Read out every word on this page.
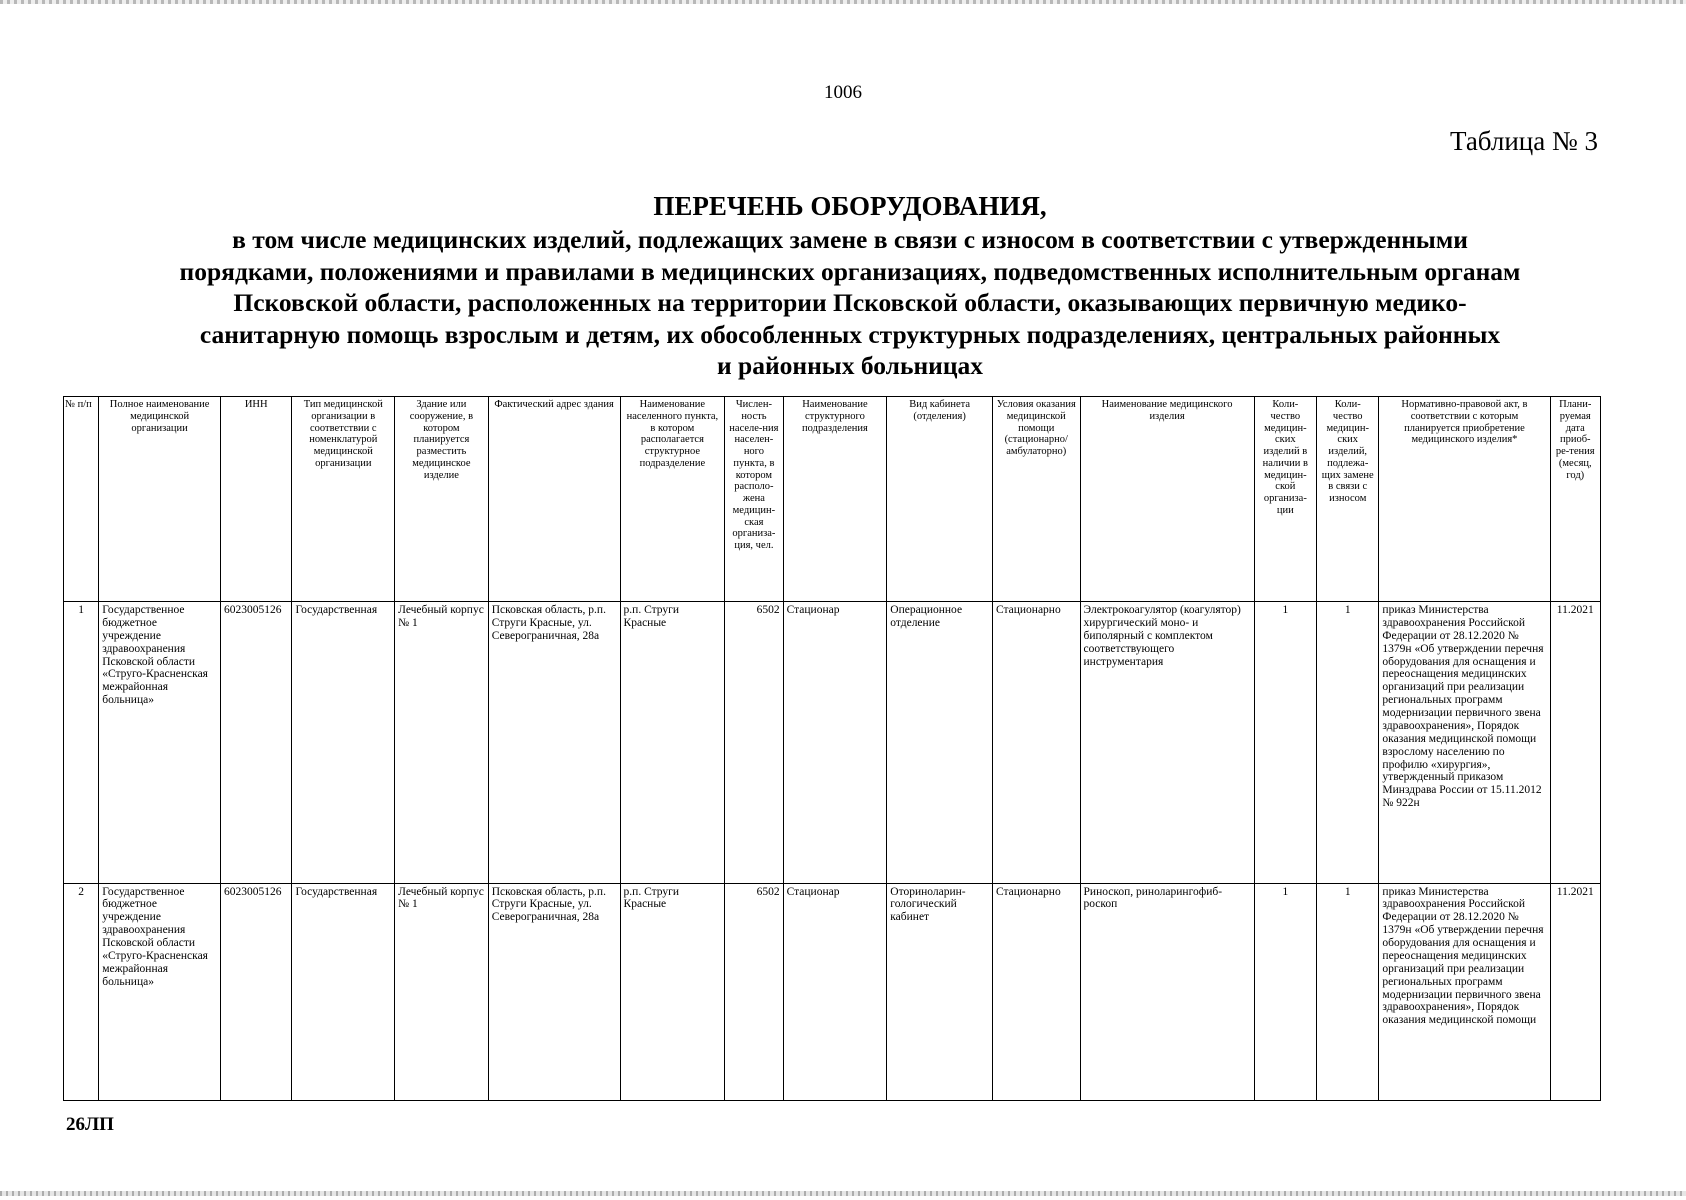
1006
Таблица № 3
ПЕРЕЧЕНЬ ОБОРУДОВАНИЯ,
в том числе медицинских изделий, подлежащих замене в связи с износом в соответствии с утвержденными
порядками, положениями и правилами в медицинских организациях, подведомственных исполнительным органам
Псковской области, расположенных на территории Псковской области, оказывающих первичную медико-
санитарную помощь взрослым и детям, их обособленных структурных подразделениях, центральных районных
и районных больницах
№ п/п	Полное наименование медицинской организации	ИНН	Тип медицинской организации в соответствии с номенклатурой медицинской организации	Здание или сооружение, в котором планируется разместить медицинское изделие	Фактический адрес здания	Наименование населенного пункта, в котором располагается структурное подразделение	Числен-ность населе-ния населен-ного пункта, в котором располо-жена медицин-ская организа-ция, чел.	Наименование структурного подразделения	Вид кабинета (отделения)	Условия оказания медицинской помощи (стационарно/ амбулаторно)	Наименование медицинского изделия	Коли-чество медицин-ских изделий в наличии в медицин-ской организа-ции	Коли-чество медицин-ских изделий, подлежа-щих замене в связи с износом	Нормативно-правовой акт, в соответствии с которым планируется приобретение медицинского изделия*	Плани-руемая дата приоб-ре-тения (месяц, год)
1	Государственное бюджетное учреждение здравоохранения Псковской области «Струго-Красненская межрайонная больница»	6023005126	Государственная	Лечебный корпус № 1	Псковская область, р.п. Струги Красные, ул. Северограничная, 28а	р.п. Струги Красные	6502	Стационар	Операционное отделение	Стационарно	Электрокоагулятор (коагулятор) хирургический моно- и биполярный с комплектом соответствующего инструментария	1	1	приказ Министерства здравоохранения Российской Федерации от 28.12.2020 № 1379н «Об утверждении перечня оборудования для оснащения и переоснащения медицинских организаций при реализации региональных программ модернизации первичного звена здравоохранения», Порядок оказания медицинской помощи взрослому населению по профилю «хирургия», утвержденный приказом Минздрава России от 15.11.2012 № 922н	11.2021
2	Государственное бюджетное учреждение здравоохранения Псковской области «Струго-Красненская межрайонная больница»	6023005126	Государственная	Лечебный корпус № 1	Псковская область, р.п. Струги Красные, ул. Северограничная, 28а	р.п. Струги Красные	6502	Стационар	Оториноларин-гологический кабинет	Стационарно	Риноскоп, риноларингофиб-роскоп	1	1	приказ Министерства здравоохранения Российской Федерации от 28.12.2020 № 1379н «Об утверждении перечня оборудования для оснащения и переоснащения медицинских организаций при реализации региональных программ модернизации первичного звена здравоохранения», Порядок оказания медицинской помощи	11.2021
26ЛП
